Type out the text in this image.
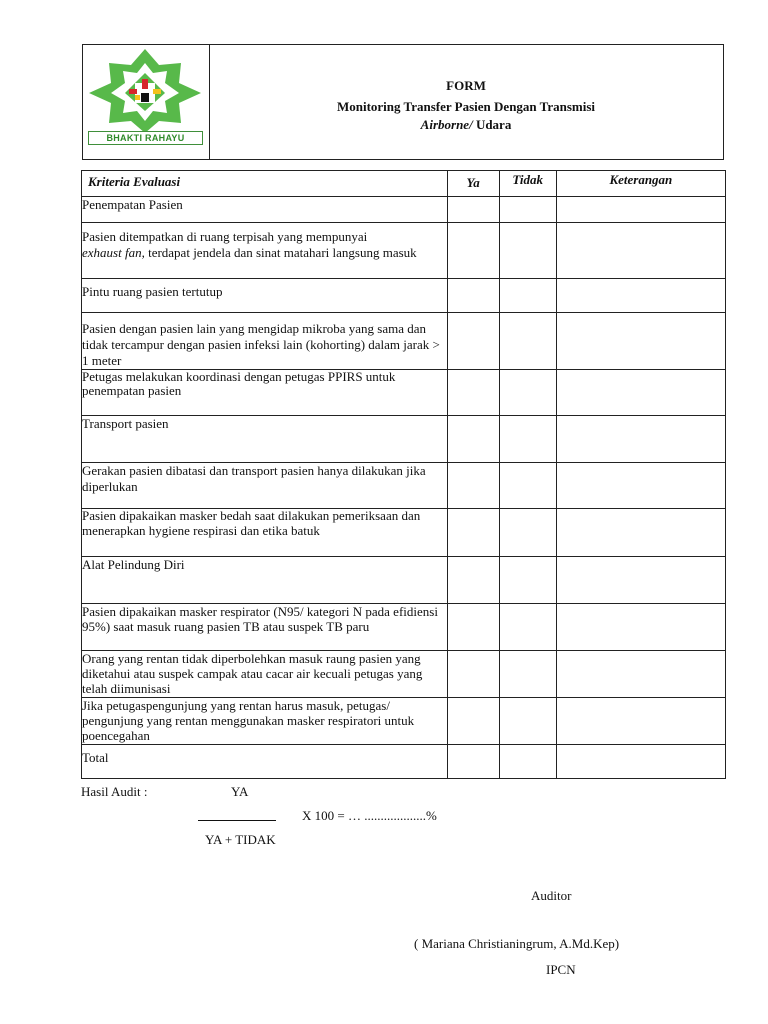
BHAKTI RAHAYU
FORM
Monitoring Transfer Pasien Dengan Transmisi
Airborne/ Udara
Kriteria Evaluasi	Ya	Tidak	Keterangan
Penempatan Pasien			
Pasien ditempatkan di ruang terpisah yang mempunyai
exhaust fan, terdapat jendela dan sinat matahari langsung masuk			
Pintu ruang pasien tertutup			
Pasien dengan pasien lain yang mengidap mikroba yang sama dan tidak tercampur dengan pasien infeksi lain (kohorting) dalam jarak > 1 meter			
Petugas melakukan koordinasi dengan petugas PPIRS untuk penempatan pasien			
Transport pasien			
Gerakan pasien dibatasi dan transport pasien hanya dilakukan jika diperlukan			
Pasien dipakaikan masker bedah saat dilakukan pemeriksaan dan menerapkan hygiene respirasi dan etika batuk			
Alat Pelindung Diri			
Pasien dipakaikan masker respirator (N95/ kategori N pada efidiensi 95%) saat masuk ruang pasien TB atau suspek TB paru			
Orang yang rentan tidak diperbolehkan masuk raung pasien yang diketahui atau suspek campak atau cacar air kecuali petugas yang telah diimunisasi			
Jika petugaspengunjung yang rentan harus masuk, petugas/ pengunjung yang rentan menggunakan masker respiratori untuk poencegahan			
Total			
Hasil Audit :	YA
X 100 = … ...................%
YA + TIDAK
Auditor
( Mariana Christianingrum, A.Md.Kep)
IPCN
